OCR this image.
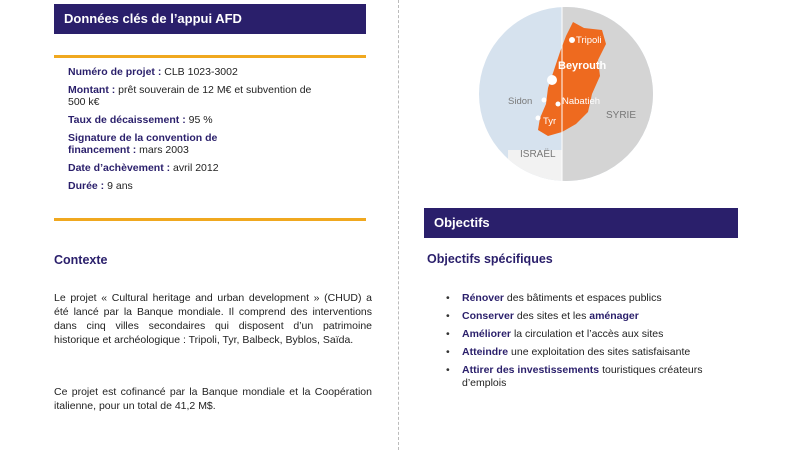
Données clés de l’appui AFD
Numéro de projet : CLB 1023-3002
Montant : prêt souverain de 12 M€ et subvention de 500 k€
Taux de décaissement : 95 %
Signature de la convention de financement : mars 2003
Date d’achèvement : avril 2012
Durée : 9 ans
Contexte

Le projet « Cultural heritage and urban development » (CHUD) a été lancé par la Banque mondiale. Il comprend des interventions dans cinq villes secondaires qui disposent d’un patrimoine historique et archéologique : Tripoli, Tyr, Balbeck, Byblos, Saïda.

Ce projet est cofinancé par la Banque mondiale et la Coopération italienne, pour un total de 41,2 M$.

Tripoli
Beyrouth
Sidon	Nabatieh
Tyr
ISRAËL
SYRIE
Objectifs
Objectifs spécifiques
• Rénover des bâtiments et espaces publics
• Conserver des sites et les aménager
• Améliorer la circulation et l’accès aux sites
• Atteindre une exploitation des sites satisfaisante
• Attirer des investissements touristiques créateurs d’emplois
